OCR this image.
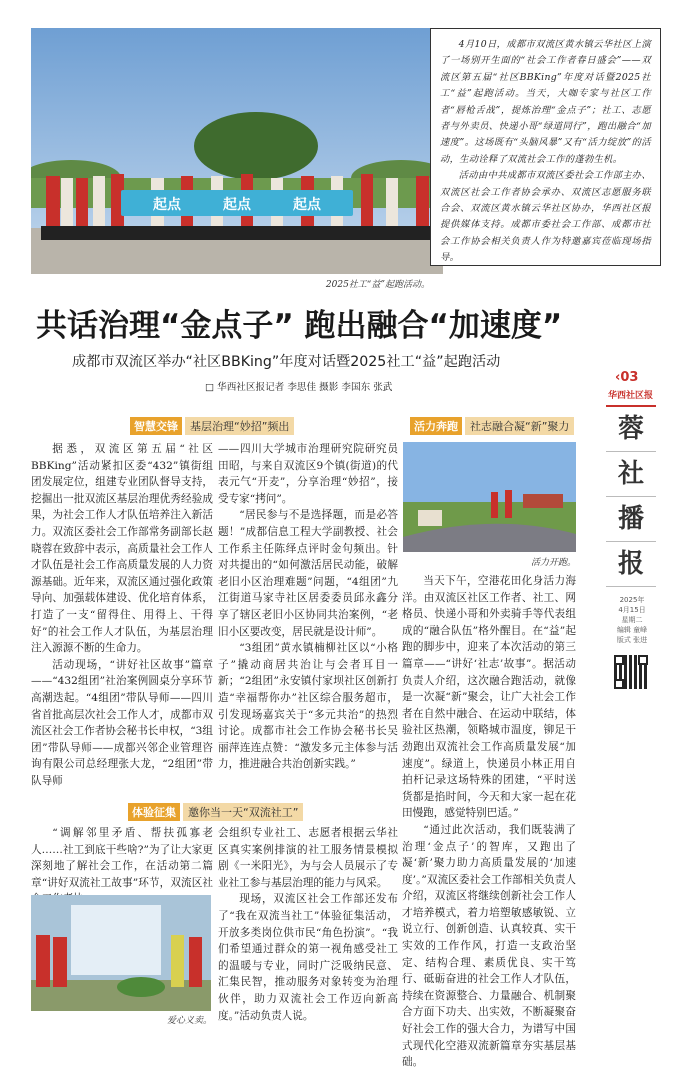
起点　　　起点　　　起点

4月10日，成都市双流区黄水镇云华社区上演了一场别开生面的“社会工作者春日盛会”——双流区第五届“社区BBKing”年度对话暨2025社工“益”起跑活动。当天，大咖专家与社区工作者“唇枪舌战”，提炼治理“金点子”；社工、志愿者与外卖员、快递小哥“绿道同行”，跑出融合“加速度”。这场既有“头脑风暴”又有“活力绽放”的活动，生动诠释了双流社会工作的蓬勃生机。

活动由中共成都市双流区委社会工作部主办、双流区社会工作者协会承办、双流区志愿服务联合会、双流区黄水镇云华社区协办，华西社区报提供媒体支持。成都市委社会工作部、成都市社会工作协会相关负责人作为特邀嘉宾莅临现场指导。

2025社工“益”起跑活动。
共话治理“金点子” 跑出融合“加速度”
成都市双流区举办“社区BBKing”年度对话暨2025社工“益”起跑活动
□ 华西社区报记者 李思佳 摄影 李国东 张武
‹03
华西社区报
蓉
社
播
报
2025年
4月15日
星期二
编辑 童峰
版式 张进
智慧交锋	基层治理“妙招”频出

据悉，双流区第五届“社区BBKing”活动紧扣区委“432”镇街组团发展定位，组建专业团队督导支持，挖掘出一批双流区基层治理优秀经验成果，为社会工作人才队伍培养注入新活力。双流区委社会工作部常务副部长赵晓蓉在致辞中表示，高质量社会工作人才队伍是社会工作高质量发展的人力资源基础。近年来，双流区通过强化政策导向、加强载体建设、优化培育体系，打造了一支“留得住、用得上、干得好”的社会工作人才队伍，为基层治理注入源源不断的生命力。

活动现场，“讲好社区故事”篇章——“432组团”社治案例圆桌分享环节高潮迭起。“4组团”带队导师——四川省首批高层次社会工作人才，成都市双流区社会工作者协会秘书长申权，“3组团”带队导师——成都兴邻企业管理咨询有限公司总经理张大龙，“2组团”带队导师

——四川大学城市治理研究院研究员田昭，与来自双流区9个镇(街道)的代表元气“开麦”，分享治理“妙招”，接受专家“拷问”。

“居民参与不是选择题，而是必答题！”成都信息工程大学副教授、社会工作系主任陈绎点评时金句频出。针对共提出的“如何激活居民动能，破解老旧小区治理难题”问题，“4组团”九江街道马家寺社区居委委员邱永鑫分享了辖区老旧小区协同共治案例，“老旧小区要改变，居民就是设计师”。

“3组团”黄水镇楠柳社区以“小格子”撬动商居共治让与会者耳目一新；“2组团”永安镇付家坝社区创新打造“幸福帮你办”社区综合服务超市，引发现场嘉宾关于“多元共治”的热烈讨论。成都市社会工作协会秘书长吴丽萍连连点赞：“激发多元主体参与活力，推进融合共治创新实践。”

活力奔跑	社志融合凝“新”聚力
活力开跑。

当天下午，空港花田化身活力海洋。由双流区社区工作者、社工、网格员、快递小哥和外卖骑手等代表组成的“融合队伍”格外醒目。在“益”起跑的脚步中，迎来了本次活动的第三篇章——“讲好‘社志’故事”。据活动负责人介绍，这次融合跑活动，就像是一次凝“新”聚会，让广大社会工作者在自然中融合、在运动中联结，体验社区热潮，领略城市温度，铆足干劲跑出双流社会工作高质量发展“加速度”。绿道上，快递员小林正用自拍杆记录这场特殊的团建，“平时送货都是掐时间，今天和大家一起在花田慢跑，感觉特别巴适。”

“通过此次活动，我们既装满了治理‘金点子’的智库，又跑出了凝‘新’聚力助力高质量发展的‘加速度’。”双流区委社会工作部相关负责人介绍，双流区将继续创新社会工作人才培养模式，着力培塑敏感敏锐、立说立行、创新创造、认真较真、实干实效的工作作风，打造一支政治坚定、结构合理、素质优良、实干笃行、砥砺奋进的社会工作人才队伍，持续在资源整合、力量融合、机制聚合方面下功夫、出实效，不断凝聚奋好社会工作的强大合力，为谱写中国式现代化空港双流新篇章夯实基层基础。

体验征集	邀你当一天“双流社工”
“调解邻里矛盾、帮扶孤寡老人……社工到底干些啥?”为了让大家更深刻地了解社会工作，在活动第二篇章“讲好双流社工故事”环节，双流区社
爱心义卖。

会组织专业社工、志愿者根据云华社区真实案例排演的社工服务情景模拟剧《一米阳光》，为与会人员展示了专业社工参与基层治理的能力与风采。

现场，双流区社会工作部还发布了“我在双流当社工”体验征集活动，开放多类岗位供市民“角色扮演”。“我们希望通过群众的第一视角感受社工的温暖与专业，同时广泛吸纳民意、汇集民智，推动服务对象转变为治理伙伴，助力双流社会工作迈向新高度。”活动负责人说。
